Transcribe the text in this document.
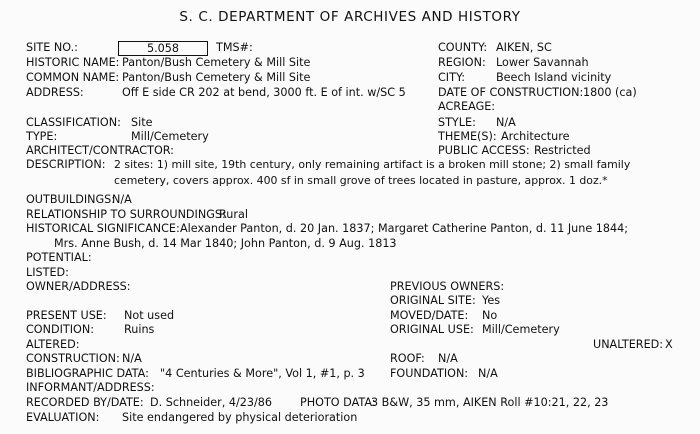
S. C. DEPARTMENT OF ARCHIVES AND HISTORY
SITE NO.:	5.058	TMS#:
HISTORIC NAME: Panton/Bush Cemetery & Mill Site
COMMON NAME: Panton/Bush Cemetery & Mill Site
ADDRESS:	Off E side CR 202 at bend, 3000 ft. E of int. w/SC 5
COUNTY: AIKEN, SC
REGION: Lower Savannah
CITY:	Beech Island vicinity
DATE OF CONSTRUCTION: 1800 (ca)
ACREAGE:
CLASSIFICATION: Site
TYPE:	Mill/Cemetery
ARCHITECT/CONTRACTOR:
STYLE: N/A
THEME(S): Architecture
PUBLIC ACCESS: Restricted
DESCRIPTION: 2 sites: 1) mill site, 19th century, only remaining artifact is a broken mill stone; 2) small family
cemetery, covers approx. 400 sf in small grove of trees located in pasture, approx. 1 doz.*
OUTBUILDINGS:
N/A
RELATIONSHIP TO SURROUNDINGS:
Rural
HISTORICAL SIGNIFICANCE: Alexander Panton, d. 20 Jan. 1837; Margaret Catherine Panton, d. 11 June 1844;
Mrs. Anne Bush, d. 14 Mar 1840; John Panton, d. 9 Aug. 1813
POTENTIAL:
LISTED:
OWNER/ADDRESS:	PREVIOUS OWNERS:
ORIGINAL SITE: Yes
MOVED/DATE: No
ORIGINAL USE: Mill/Cemetery
UNALTERED: X
PRESENT USE: Not used
CONDITION:	Ruins
ALTERED:
CONSTRUCTION: N/A	ROOF: N/A
BIBLIOGRAPHIC DATA: "4 Centuries & More", Vol 1, #1, p. 3 FOUNDATION: N/A
INFORMANT/ADDRESS:
RECORDED BY/DATE: D. Schneider, 4/23/86	PHOTO DATA:
3 B&W, 35 mm, AIKEN Roll #10:21, 22, 23
EVALUATION: Site endangered by physical deterioration
